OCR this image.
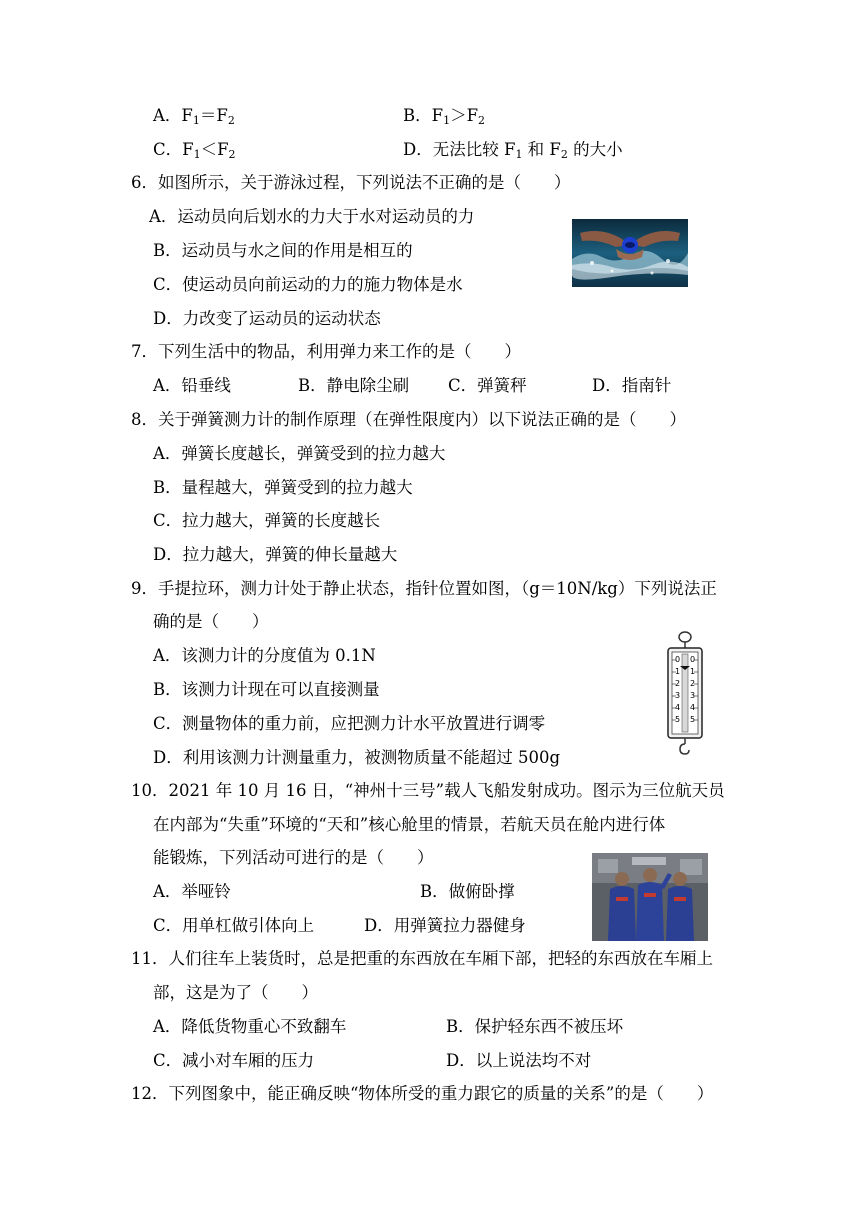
A．$F_1=F_2$	B．$F_1>F_2$
C．$F_1<F_2$	D．无法比较 $F_1$ 和 $F_2$ 的大小
6．如图所示，关于游泳过程，下列说法不正确的是（　　）
A．运动员向后划水的力大于水对运动员的力
B．运动员与水之间的作用是相互的
C．使运动员向前运动的力的施力物体是水
D．力改变了运动员的运动状态
7．下列生活中的物品，利用弹力来工作的是（　　）
A．铅垂线	B．静电除尘刷 C．弹簧秤	D．指南针
8．关于弹簧测力计的制作原理（在弹性限度内）以下说法正确的是（　　）
A．弹簧长度越长，弹簧受到的拉力越大
B．量程越大，弹簧受到的拉力越大
C．拉力越大，弹簧的长度越长
D．拉力越大，弹簧的伸长量越大
9．手提拉环，测力计处于静止状态，指针位置如图，（g＝10N/kg）下列说法正
确的是（　　）
A．该测力计的分度值为 0.1N
B．该测力计现在可以直接测量
C．测量物体的重力前，应把测力计水平放置进行调零
D．利用该测力计测量重力，被测物质量不能超过 500g
0
1
2
3
4
5
0
1
2
3
4
5
10．2021 年 10 月 16 日，“神州十三号”载人飞船发射成功。图示为三位航天员
在内部为“失重”环境的“天和”核心舱里的情景，若航天员在舱内进行体
能锻炼，下列活动可进行的是（　　）
A．举哑铃	B．做俯卧撑
C．用单杠做引体向上	D．用弹簧拉力器健身
11．人们往车上装货时，总是把重的东西放在车厢下部，把轻的东西放在车厢上
部，这是为了（　　）
A．降低货物重心不致翻车	B．保护轻东西不被压坏
C．减小对车厢的压力	D．以上说法均不对
12．下列图象中，能正确反映“物体所受的重力跟它的质量的关系”的是（　　）
